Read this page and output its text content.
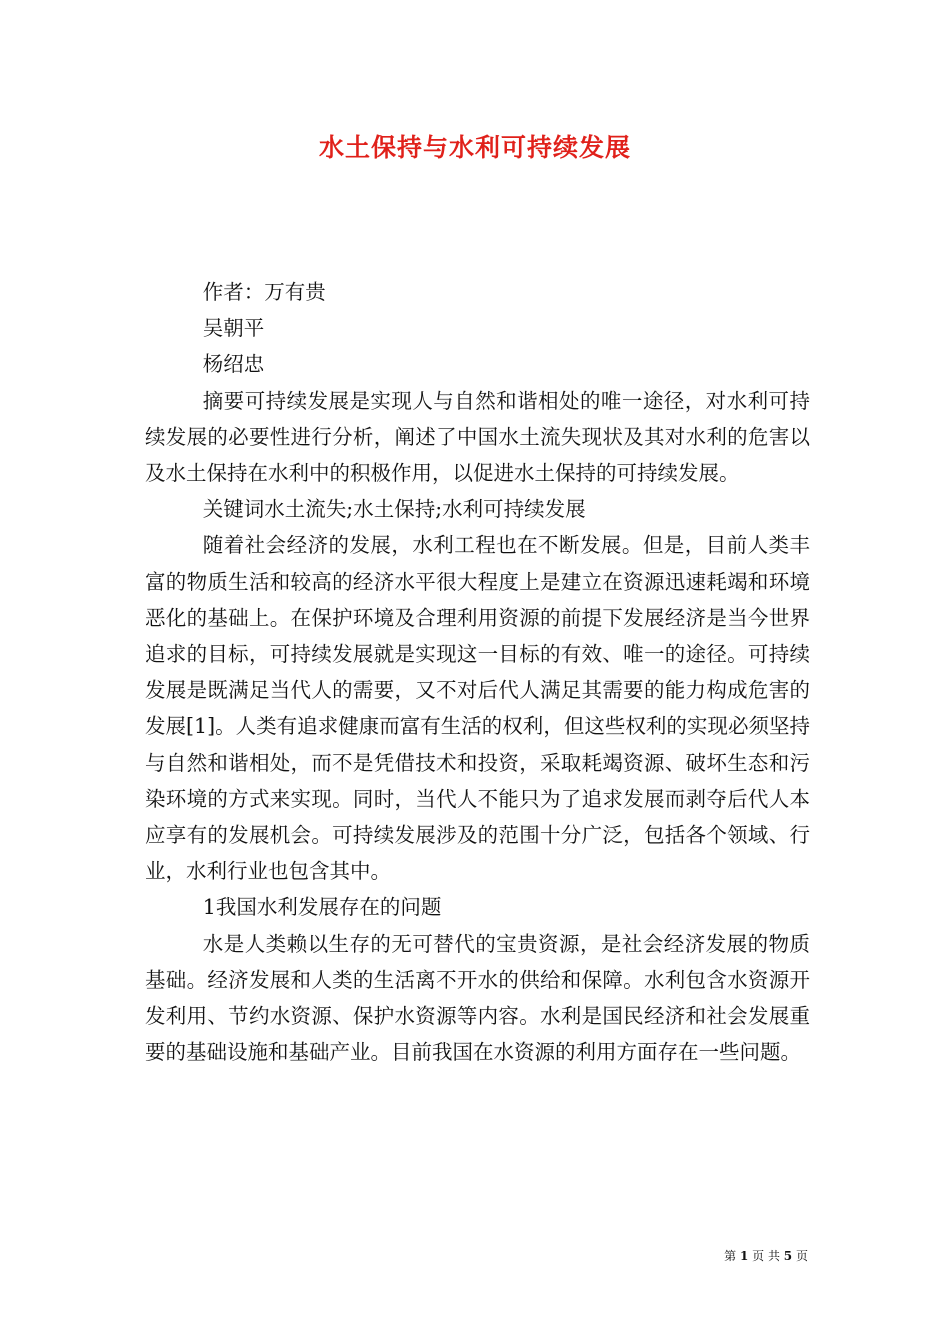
水土保持与水利可持续发展

作者：万有贵

吴朝平

杨绍忠

摘要可持续发展是实现人与自然和谐相处的唯一途径，对水利可持续发展的必要性进行分析，阐述了中国水土流失现状及其对水利的危害以及水土保持在水利中的积极作用，以促进水土保持的可持续发展。

关键词水土流失;水土保持;水利可持续发展

随着社会经济的发展，水利工程也在不断发展。但是，目前人类丰富的物质生活和较高的经济水平很大程度上是建立在资源迅速耗竭和环境恶化的基础上。在保护环境及合理利用资源的前提下发展经济是当今世界追求的目标，可持续发展就是实现这一目标的有效、唯一的途径。可持续发展是既满足当代人的需要，又不对后代人满足其需要的能力构成危害的发展[1]。人类有追求健康而富有生活的权利，但这些权利的实现必须坚持与自然和谐相处，而不是凭借技术和投资，采取耗竭资源、破坏生态和污染环境的方式来实现。同时，当代人不能只为了追求发展而剥夺后代人本应享有的发展机会。可持续发展涉及的范围十分广泛，包括各个领域、行业，水利行业也包含其中。

1我国水利发展存在的问题

水是人类赖以生存的无可替代的宝贵资源，是社会经济发展的物质基础。经济发展和人类的生活离不开水的供给和保障。水利包含水资源开发利用、节约水资源、保护水资源等内容。水利是国民经济和社会发展重要的基础设施和基础产业。目前我国在水资源的利用方面存在一些问题。

第 1 页 共 5 页
